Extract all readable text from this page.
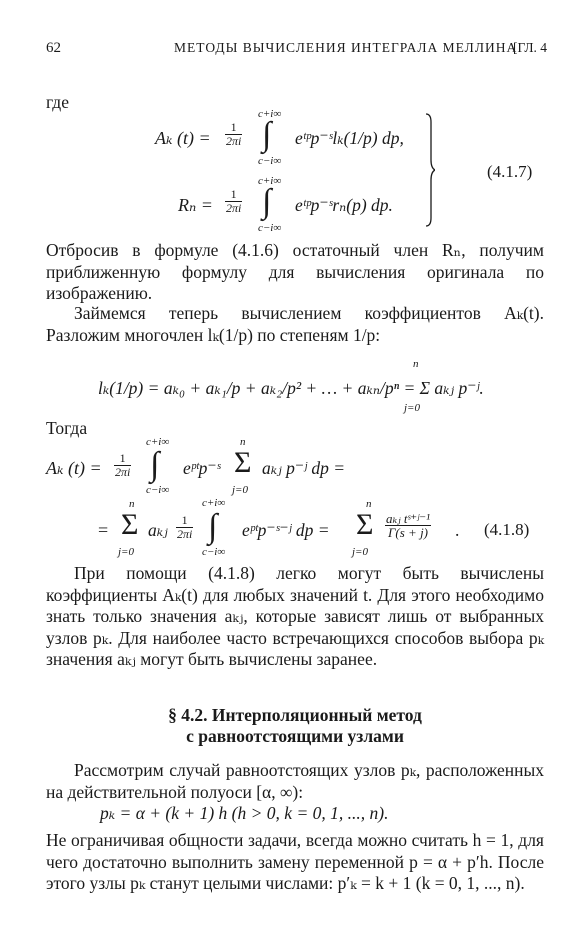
62	МЕТОДЫ ВЫЧИСЛЕНИЯ ИНТЕГРАЛА МЕЛЛИНА
[ГЛ. 4
где
Aₖ $(t) = \frac{1}{2\pi i}$
c+i∞
∫
c−i∞
eᵗᵖp⁻ˢlₖ(1/p) dp,
$R_n = \frac{1}{2\pi i}$
c+i∞
∫
c−i∞
eᵗᵖp⁻ˢrₙ(p) dp.
(4.1.7)
Отбросив в формуле (4.1.6) остаточный член Rₙ, получим приближенную формулу для вычисления оригинала по изображению.
Займемся теперь вычислением коэффициентов Aₖ(t). Разложим многочлен lₖ(1/p) по степеням 1/p:
lₖ(1/p) = aₖ₀ + aₖ₁/p + aₖ₂/p² + … + aₖₙ/pⁿ = Σ aₖⱼ p⁻ʲ.
n
j=0
Тогда
Aₖ $(t) = \frac{1}{2\pi i}$
c+i∞
∫
c−i∞
eᵖᵗp⁻ˢ
n
Σ
j=0
aₖⱼ p⁻ʲ dp =
=
n
Σ
j=0
aₖⱼ $\frac{1}{2\pi i}$
c+i∞
∫
c−i∞
eᵖᵗp⁻ˢ⁻ʲ dp =
n
Σ
j=0
aₖⱼ tˢ⁺ʲ⁻¹
Γ(s + j) . (4.1.8)
При помощи (4.1.8) легко могут быть вычислены коэффициенты Aₖ(t) для любых значений t. Для этого необходимо знать только значения aₖⱼ, которые зависят лишь от выбранных узлов pₖ. Для наиболее часто встречающихся способов выбора pₖ значения aₖⱼ могут быть вычислены заранее.
§ 4.2. Интерполяционный метод
с равноотстоящими узлами
Рассмотрим случай равноотстоящих узлов pₖ, расположенных на действительной полуоси [α, ∞):
pₖ = α + (k + 1) h (h > 0, k = 0, 1, ..., n).
Не ограничивая общности задачи, всегда можно считать h = 1, для чего достаточно выполнить замену переменной p = α + p′h. После этого узлы pₖ станут целыми числами: p′ₖ = k + 1 (k = 0, 1, ..., n).
